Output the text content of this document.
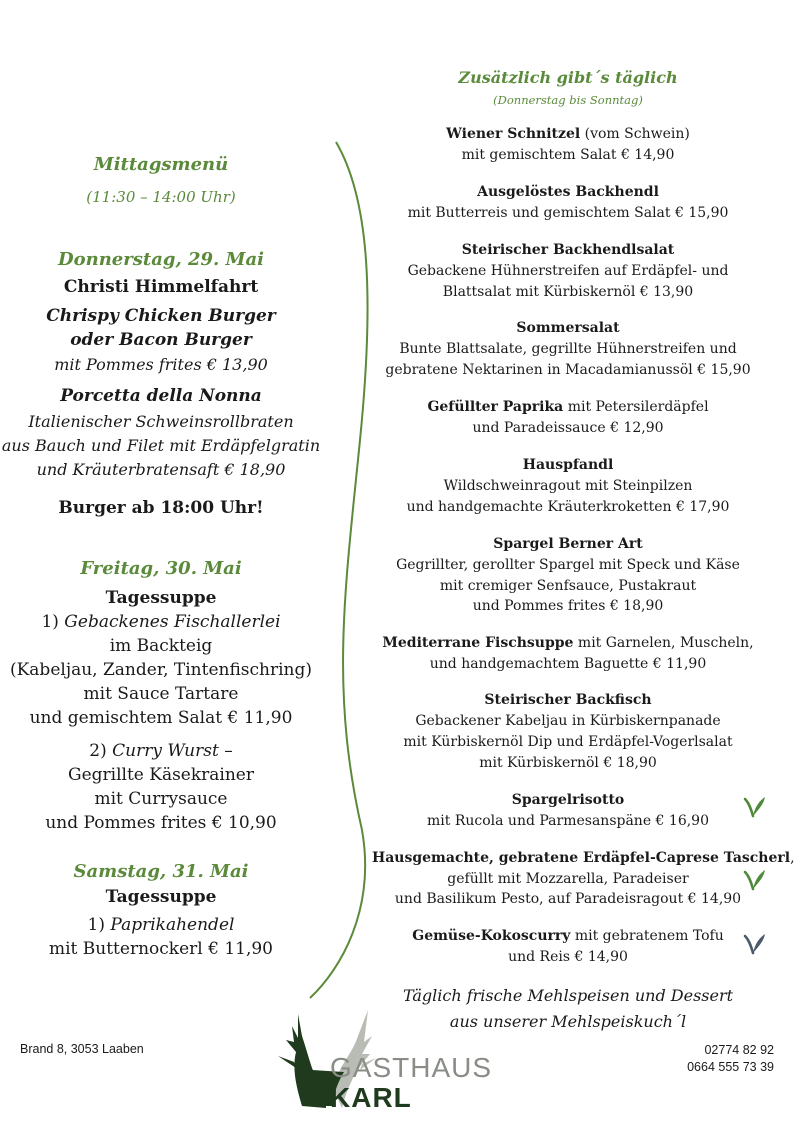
Mittagsmenü
(11:30 – 14:00 Uhr)
Donnerstag, 29. Mai
Christi Himmelfahrt
Chrispy Chicken Burger
oder Bacon Burger
mit Pommes frites € 13,90
Porcetta della Nonna
Italienischer Schweinsrollbraten
aus Bauch und Filet mit Erdäpfelgratin
und Kräuterbratensaft € 18,90
Burger ab 18:00 Uhr!
Freitag, 30. Mai
Tagessuppe
1) Gebackenes Fischallerlei
im Backteig
(Kabeljau, Zander, Tintenfischring)
mit Sauce Tartare
und gemischtem Salat € 11,90
2) Curry Wurst –
Gegrillte Käsekrainer
mit Currysauce
und Pommes frites € 10,90
Samstag, 31. Mai
Tagessuppe
1) Paprikahendel
mit Butternockerl € 11,90
Zusätzlich gibt´s täglich
(Donnerstag bis Sonntag)
Wiener Schnitzel (vom Schwein)
mit gemischtem Salat € 14,90
Ausgelöstes Backhendl
mit Butterreis und gemischtem Salat € 15,90
Steirischer Backhendlsalat
Gebackene Hühnerstreifen auf Erdäpfel- und
Blattsalat mit Kürbiskernöl € 13,90
Sommersalat
Bunte Blattsalate, gegrillte Hühnerstreifen und
gebratene Nektarinen in Macadamianussöl € 15,90
Gefüllter Paprika mit Petersilerdäpfel
und Paradeissauce € 12,90
Hauspfandl
Wildschweinragout mit Steinpilzen
und handgemachte Kräuterkroketten € 17,90
Spargel Berner Art
Gegrillter, gerollter Spargel mit Speck und Käse
mit cremiger Senfsauce, Pustakraut
und Pommes frites € 18,90
Mediterrane Fischsuppe mit Garnelen, Muscheln,
und handgemachtem Baguette € 11,90
Steirischer Backfisch
Gebackener Kabeljau in Kürbiskernpanade
mit Kürbiskernöl Dip und Erdäpfel-Vogerlsalat
mit Kürbiskernöl € 18,90
Spargelrisotto
mit Rucola und Parmesanspäne € 16,90
Hausgemachte, gebratene Erdäpfel-Caprese Tascherl,
gefüllt mit Mozzarella, Paradeiser
und Basilikum Pesto, auf Paradeisragout € 14,90
Gemüse-Kokoscurry mit gebratenem Tofu
und Reis € 14,90
Täglich frische Mehlspeisen und Dessert
aus unserer Mehlspeiskuch´l
Brand 8, 3053 Laaben	02774 82 92
0664 555 73 39
GASTHAUS
KARL
